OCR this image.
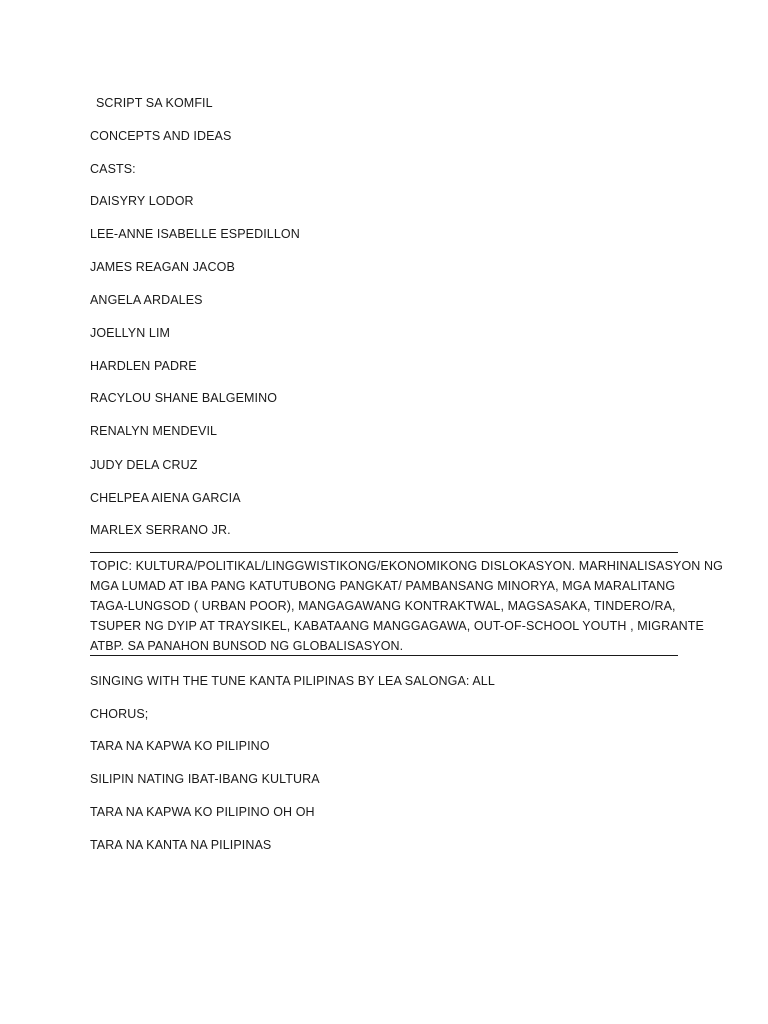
SCRIPT SA KOMFIL
CONCEPTS AND IDEAS
CASTS:
DAISYRY LODOR
LEE-ANNE ISABELLE ESPEDILLON
JAMES REAGAN JACOB
ANGELA ARDALES
JOELLYN LIM
HARDLEN PADRE
RACYLOU SHANE BALGEMINO
RENALYN MENDEVIL
JUDY DELA CRUZ
CHELPEA AIENA GARCIA
MARLEX SERRANO JR.
TOPIC: KULTURA/POLITIKAL/LINGGWISTIKONG/EKONOMIKONG DISLOKASYON. MARHINALISASYON NG
MGA LUMAD AT IBA PANG KATUTUBONG PANGKAT/ PAMBANSANG MINORYA, MGA MARALITANG
TAGA-LUNGSOD ( URBAN POOR), MANGAGAWANG KONTRAKTWAL, MAGSASAKA, TINDERO/RA,
TSUPER NG DYIP AT TRAYSIKEL, KABATAANG MANGGAGAWA, OUT-OF-SCHOOL YOUTH , MIGRANTE
ATBP. SA PANAHON BUNSOD NG GLOBALISASYON.
SINGING WITH THE TUNE KANTA PILIPINAS BY LEA SALONGA: ALL
CHORUS;
TARA NA KAPWA KO PILIPINO
SILIPIN NATING IBAT-IBANG KULTURA
TARA NA KAPWA KO PILIPINO OH OH
TARA NA KANTA NA PILIPINAS
